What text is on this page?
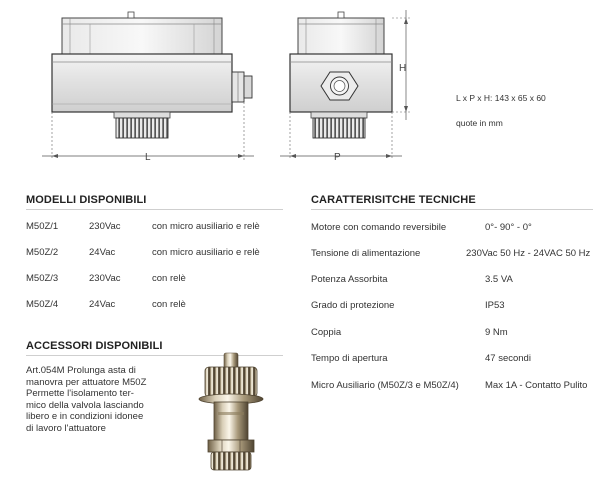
L	P
H
L x P x H: 143 x 65 x 60
quote in mm
MODELLI DISPONIBILI
M50Z/1	230Vac	con micro ausiliario e relè
M50Z/2	24Vac	con micro ausiliario e relè
M50Z/3	230Vac	con relè
M50Z/4	24Vac	con relè
ACCESSORI DISPONIBILI
Art.054M Prolunga asta di
manovra per attuatore M50Z
Permette l'isolamento ter-
mico della valvola lasciando
libero e in condizioni idonee
di lavoro l'attuatore
CARATTERISITCHE TECNICHE
Motore con comando reversibile	0°- 90° - 0°
Tensione di alimentazione	230Vac 50 Hz - 24VAC 50 Hz
Potenza Assorbita	3.5 VA
Grado di protezione	IP53
Coppia	9 Nm
Tempo di apertura	47 secondi
Micro Ausiliario (M50Z/3 e M50Z/4)	Max 1A - Contatto Pulito
